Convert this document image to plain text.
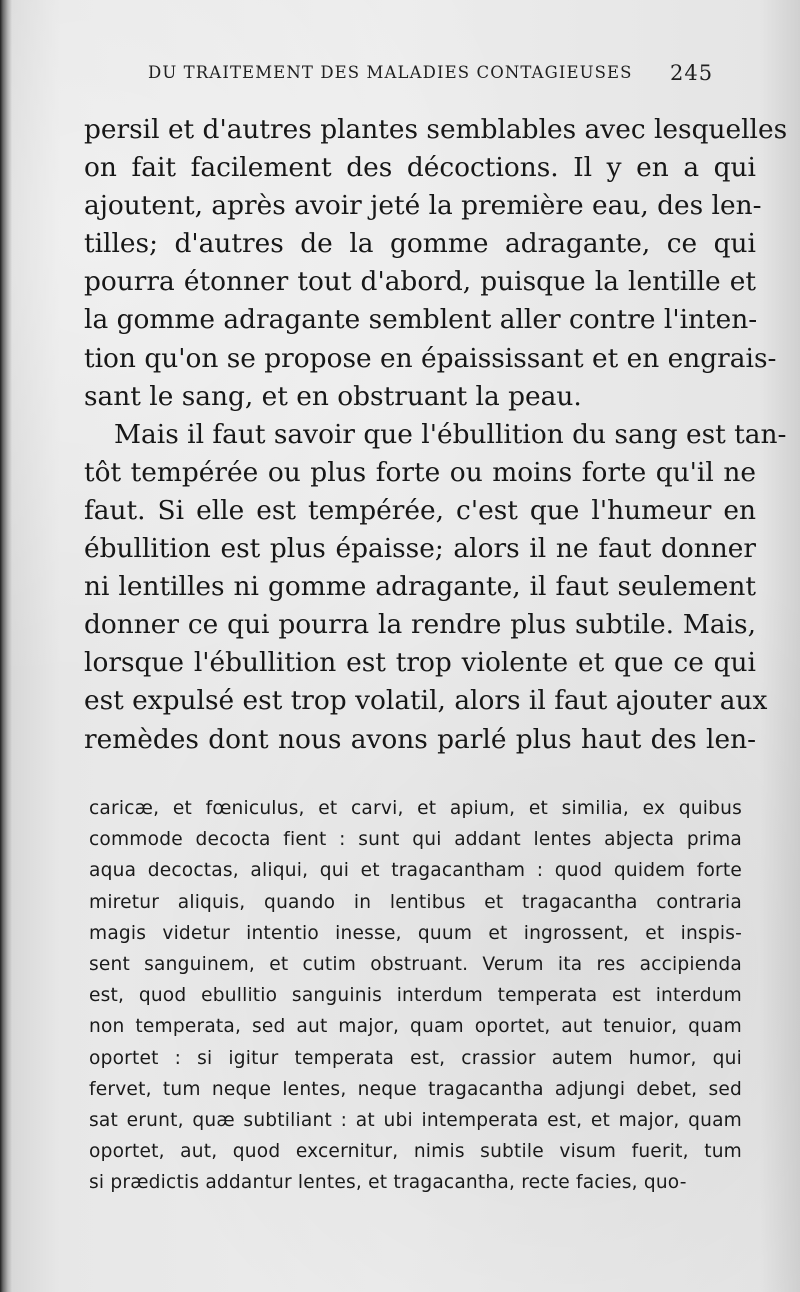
DU TRAITEMENT DES MALADIES CONTAGIEUSES 245
persil et d'autres plantes semblables avec lesquelles
on fait facilement des décoctions. Il y en a qui
ajoutent, après avoir jeté la première eau, des len-
tilles; d'autres de la gomme adragante, ce qui
pourra étonner tout d'abord, puisque la lentille et
la gomme adragante semblent aller contre l'inten-
tion qu'on se propose en épaississant et en engrais-
sant le sang, et en obstruant la peau.
Mais il faut savoir que l'ébullition du sang est tan-
tôt tempérée ou plus forte ou moins forte qu'il ne
faut. Si elle est tempérée, c'est que l'humeur en
ébullition est plus épaisse; alors il ne faut donner
ni lentilles ni gomme adragante, il faut seulement
donner ce qui pourra la rendre plus subtile. Mais,
lorsque l'ébullition est trop violente et que ce qui
est expulsé est trop volatil, alors il faut ajouter aux
remèdes dont nous avons parlé plus haut des len-
caricæ, et fœniculus, et carvi, et apium, et similia, ex quibus
commode decocta fient : sunt qui addant lentes abjecta prima
aqua decoctas, aliqui, qui et tragacantham : quod quidem forte
miretur aliquis, quando in lentibus et tragacantha contraria
magis videtur intentio inesse, quum et ingrossent, et inspis-
sent sanguinem, et cutim obstruant. Verum ita res accipienda
est, quod ebullitio sanguinis interdum temperata est interdum
non temperata, sed aut major, quam oportet, aut tenuior, quam
oportet : si igitur temperata est, crassior autem humor, qui
fervet, tum neque lentes, neque tragacantha adjungi debet, sed
sat erunt, quæ subtiliant : at ubi intemperata est, et major, quam
oportet, aut, quod excernitur, nimis subtile visum fuerit, tum
si prædictis addantur lentes, et tragacantha, recte facies, quo-
